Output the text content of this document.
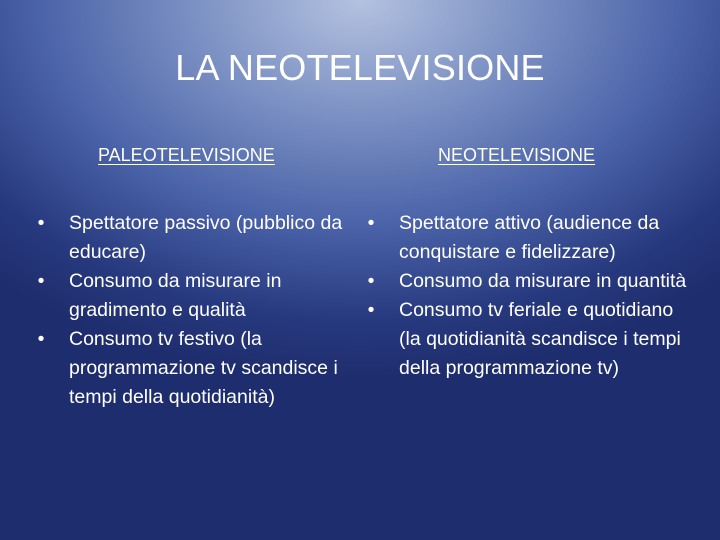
LA NEOTELEVISIONE
PALEOTELEVISIONE	NEOTELEVISIONE
• Spettatore passivo (pubblico da educare)
• Consumo da misurare in gradimento e qualità
• Consumo tv festivo (la programmazione tv scandisce i tempi della quotidianità)
• Spettatore attivo (audience da conquistare e fidelizzare)
• Consumo da misurare in quantità
• Consumo tv feriale e quotidiano (la quotidianità scandisce i tempi della programmazione tv)
